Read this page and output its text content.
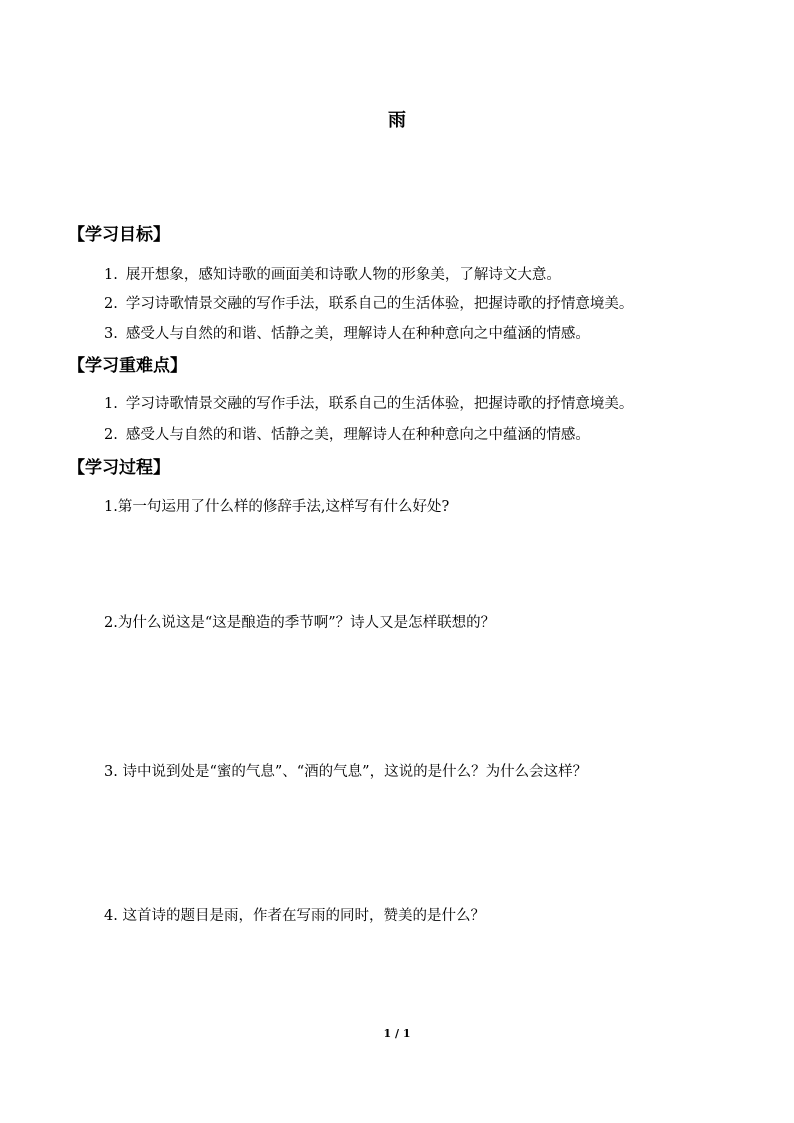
雨
【学习目标】
1. 展开想象，感知诗歌的画面美和诗歌人物的形象美，了解诗文大意。
2. 学习诗歌情景交融的写作手法，联系自己的生活体验，把握诗歌的抒情意境美。
3. 感受人与自然的和谐、恬静之美，理解诗人在种种意向之中蕴涵的情感。
【学习重难点】
1. 学习诗歌情景交融的写作手法，联系自己的生活体验，把握诗歌的抒情意境美。
2. 感受人与自然的和谐、恬静之美，理解诗人在种种意向之中蕴涵的情感。
【学习过程】
1.第一句运用了什么样的修辞手法,这样写有什么好处?
2.为什么说这是“这是酿造的季节啊”？诗人又是怎样联想的？
3. 诗中说到处是“蜜的气息”、“酒的气息”，这说的是什么？为什么会这样？
4. 这首诗的题目是雨，作者在写雨的同时，赞美的是什么？
1 / 1
